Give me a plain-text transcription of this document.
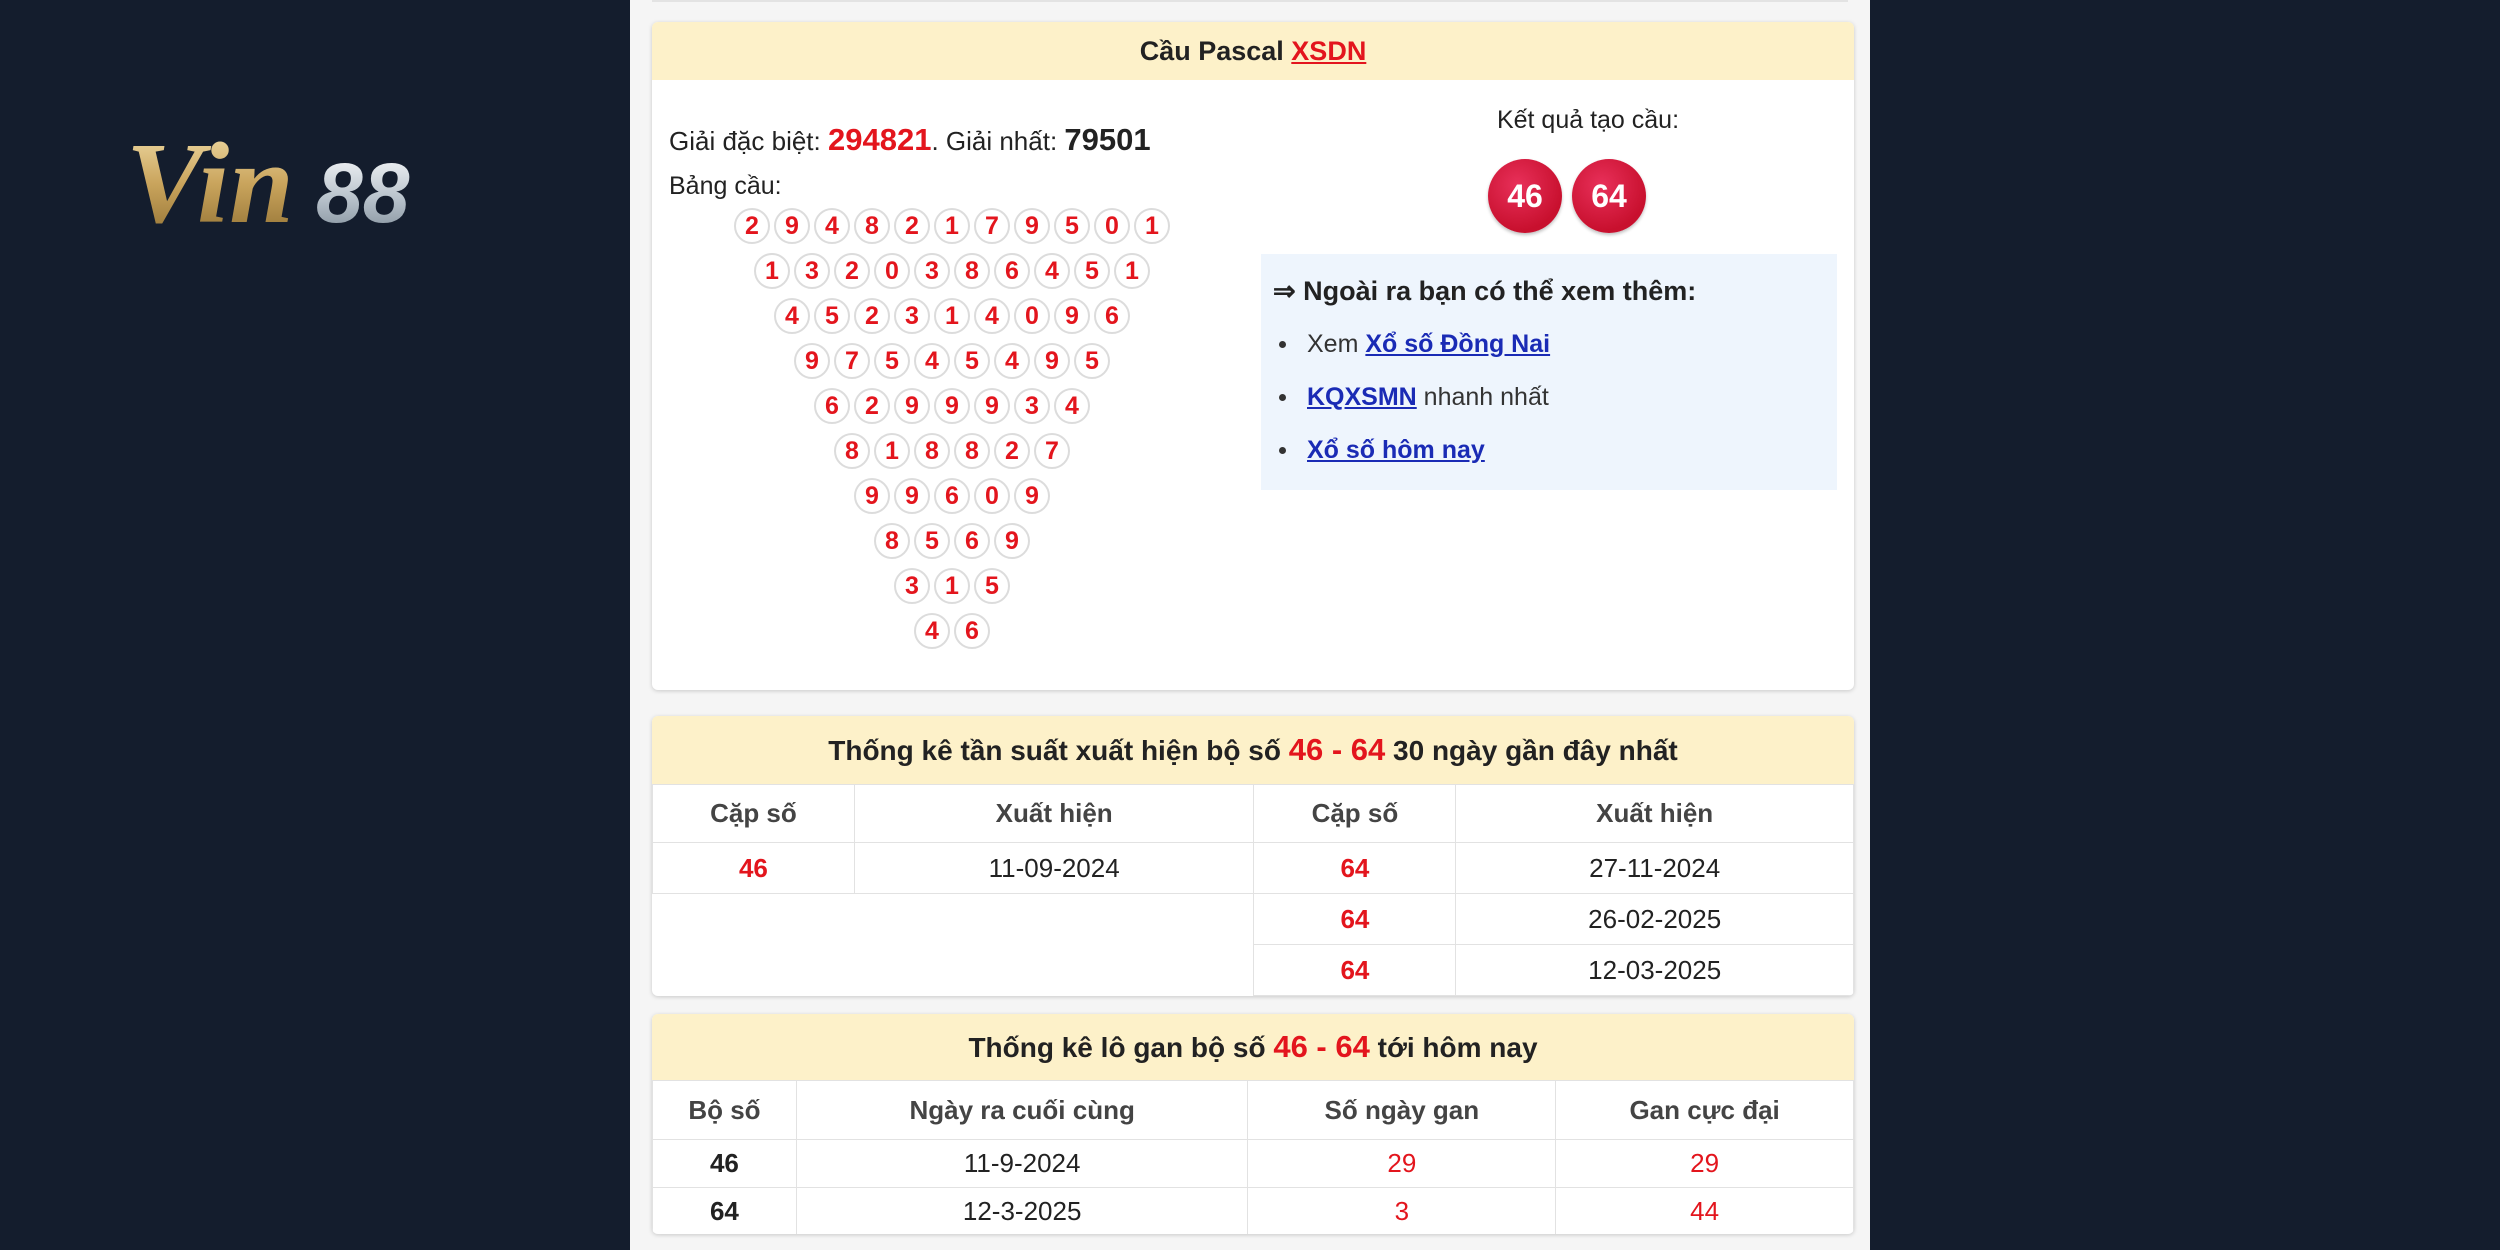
Vin 88
Cầu Pascal XSDN
Giải đặc biệt: 294821. Giải nhất: 79501
Bảng cầu:
2	9	4	8	2	1	7	9	5	0	1
1	3	2	0	3	8	6	4	5	1
4	5	2	3	1	4	0	9	6
9	7	5	4	5	4	9	5
6	2	9	9	9	3	4
8	1	8	8	2	7
9	9	6	0	9
8	5	6	9
3	1	5
4	6
Kết quả tạo cầu:
46	64
⇒ Ngoài ra bạn có thể xem thêm:
Xem Xổ số Đồng Nai
KQXSMN nhanh nhất
Xổ số hôm nay
Thống kê tần suất xuất hiện bộ số 46 - 64 30 ngày gần đây nhất
Cặp số	Xuất hiện	Cặp số	Xuất hiện
46	11-09-2024	64	27-11-2024
		64	26-02-2025
		64	12-03-2025
Thống kê lô gan bộ số 46 - 64 tới hôm nay
Bộ số	Ngày ra cuối cùng	Số ngày gan	Gan cực đại
46	11-9-2024	29	29
64	12-3-2025	3	44
